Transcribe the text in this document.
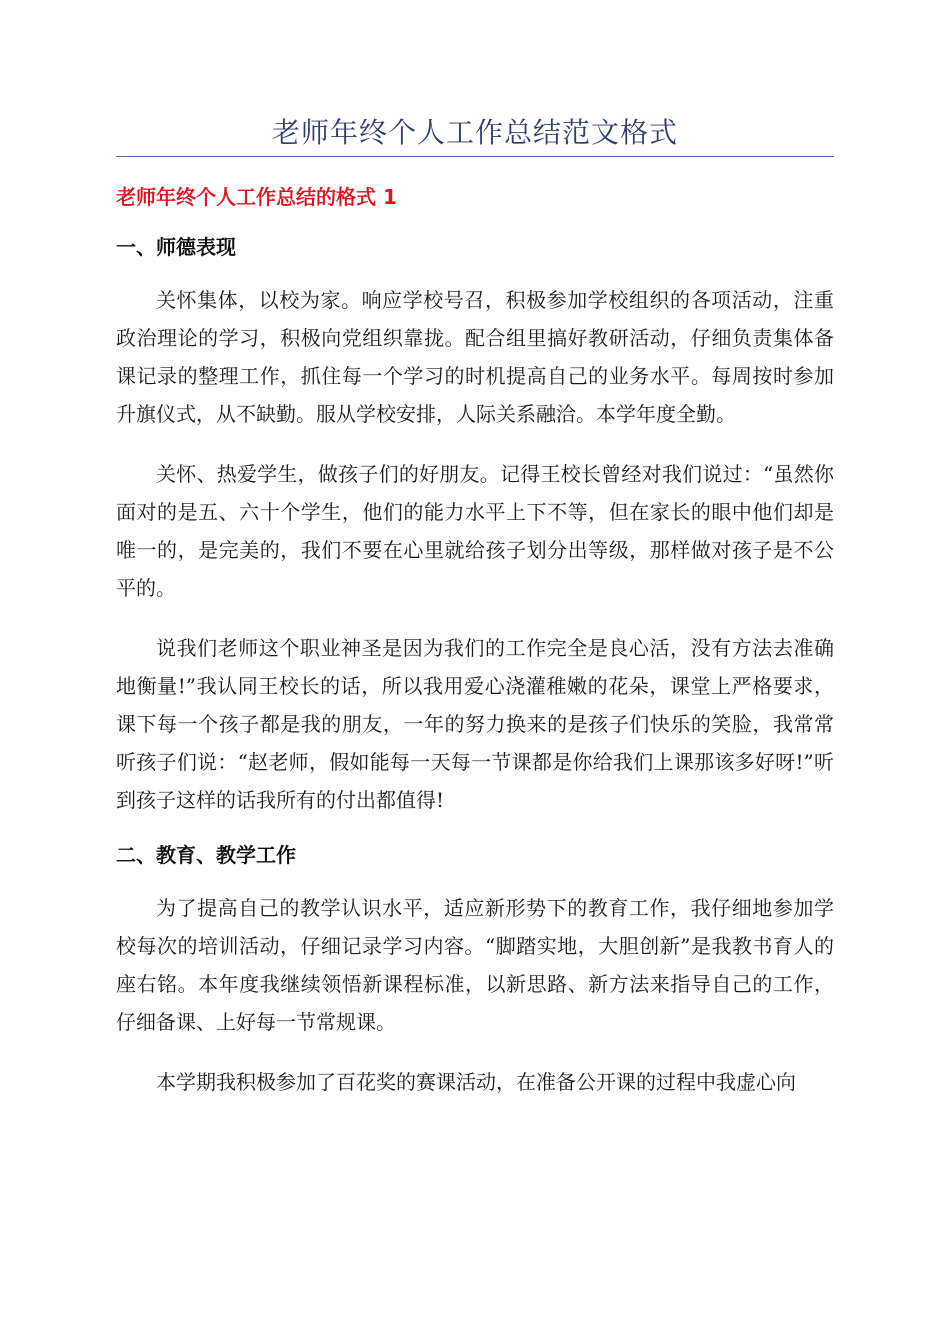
老师年终个人工作总结范文格式
老师年终个人工作总结的格式 1
一、师德表现

关怀集体，以校为家。响应学校号召，积极参加学校组织的各项活动，注重政治理论的学习，积极向党组织靠拢。配合组里搞好教研活动，仔细负责集体备课记录的整理工作，抓住每一个学习的时机提高自己的业务水平。每周按时参加升旗仪式，从不缺勤。服从学校安排，人际关系融洽。本学年度全勤。

关怀、热爱学生，做孩子们的好朋友。记得王校长曾经对我们说过：“虽然你面对的是五、六十个学生，他们的能力水平上下不等，但在家长的眼中他们却是唯一的，是完美的，我们不要在心里就给孩子划分出等级，那样做对孩子是不公平的。

说我们老师这个职业神圣是因为我们的工作完全是良心活，没有方法去准确地衡量!”我认同王校长的话，所以我用爱心浇灌稚嫩的花朵，课堂上严格要求，课下每一个孩子都是我的朋友，一年的努力换来的是孩子们快乐的笑脸，我常常听孩子们说：“赵老师，假如能每一天每一节课都是你给我们上课那该多好呀!”听到孩子这样的话我所有的付出都值得!

二、教育、教学工作

为了提高自己的教学认识水平，适应新形势下的教育工作，我仔细地参加学校每次的培训活动，仔细记录学习内容。“脚踏实地，大胆创新”是我教书育人的座右铭。本年度我继续领悟新课程标准，以新思路、新方法来指导自己的工作，仔细备课、上好每一节常规课。

本学期我积极参加了百花奖的赛课活动，在准备公开课的过程中我虚心向
